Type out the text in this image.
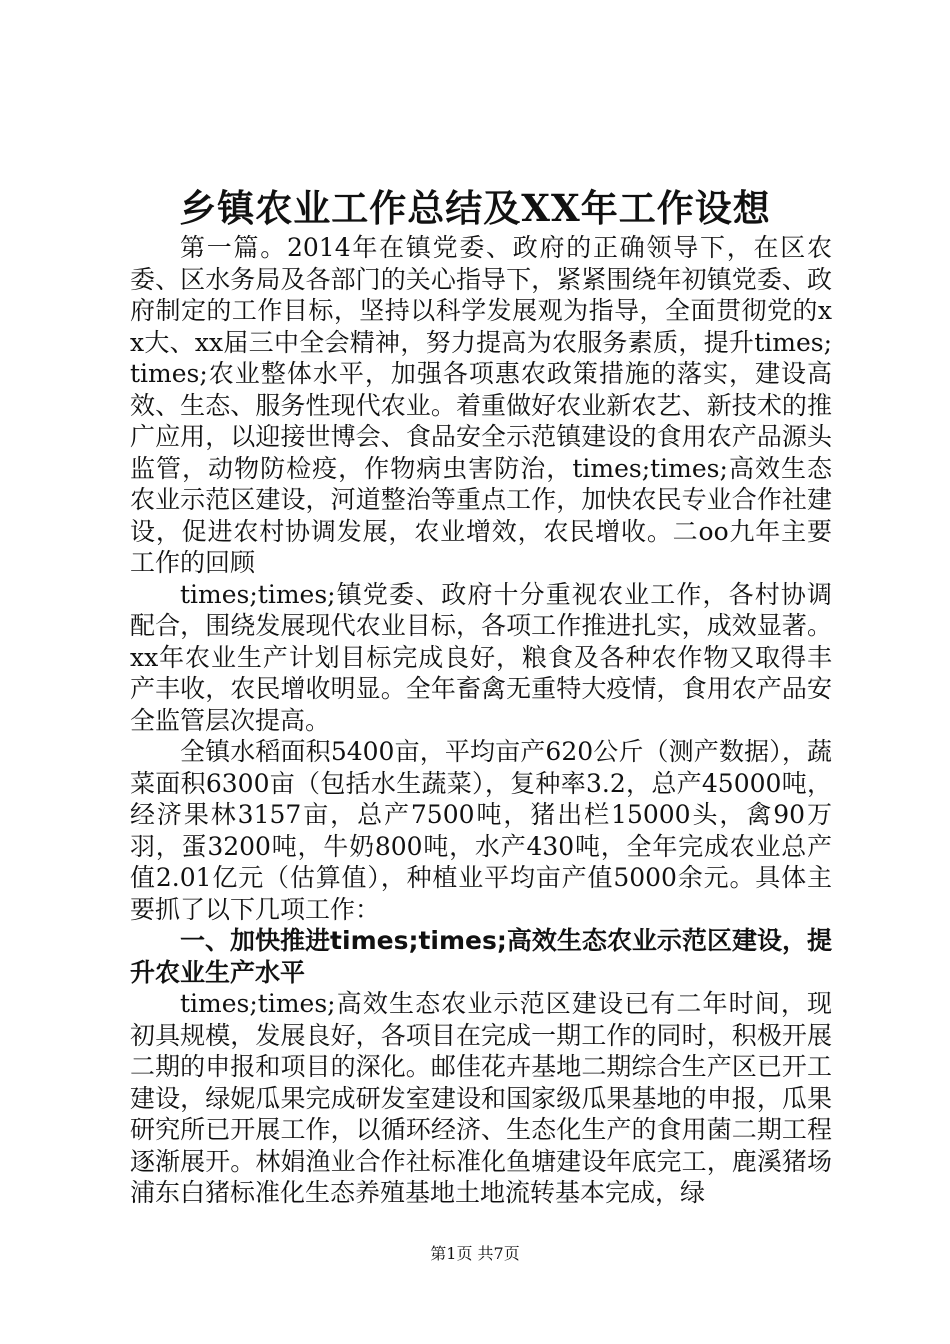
乡镇农业工作总结及XX年工作设想

第一篇。2014年在镇党委、政府的正确领导下，在区农委、区水务局及各部门的关心指导下，紧紧围绕年初镇党委、政府制定的工作目标，坚持以科学发展观为指导，全面贯彻党的xx大、xx届三中全会精神，努力提高为农服务素质，提升times;times;农业整体水平，加强各项惠农政策措施的落实，建设高效、生态、服务性现代农业。着重做好农业新农艺、新技术的推广应用，以迎接世博会、食品安全示范镇建设的食用农产品源头监管，动物防检疫，作物病虫害防治，times;times;高效生态农业示范区建设，河道整治等重点工作，加快农民专业合作社建设，促进农村协调发展，农业增效，农民增收。二oo九年主要工作的回顾

times;times;镇党委、政府十分重视农业工作，各村协调配合，围绕发展现代农业目标，各项工作推进扎实，成效显著。xx年农业生产计划目标完成良好，粮食及各种农作物又取得丰产丰收，农民增收明显。全年畜禽无重特大疫情，食用农产品安全监管层次提高。

全镇水稻面积5400亩，平均亩产620公斤（测产数据），蔬菜面积6300亩（包括水生蔬菜），复种率3.2，总产45000吨，经济果林3157亩，总产7500吨，猪出栏15000头，禽90万羽，蛋3200吨，牛奶800吨，水产430吨，全年完成农业总产值2.01亿元（估算值），种植业平均亩产值5000余元。具体主要抓了以下几项工作：

一、加快推进times;times;高效生态农业示范区建设，提升农业生产水平

times;times;高效生态农业示范区建设已有二年时间，现初具规模，发展良好，各项目在完成一期工作的同时，积极开展二期的申报和项目的深化。邮佳花卉基地二期综合生产区已开工建设，绿妮瓜果完成研发室建设和国家级瓜果基地的申报，瓜果研究所已开展工作，以循环经济、生态化生产的食用菌二期工程逐渐展开。林娟渔业合作社标准化鱼塘建设年底完工，鹿溪猪场浦东白猪标准化生态养殖基地土地流转基本完成，绿

第1页 共7页
